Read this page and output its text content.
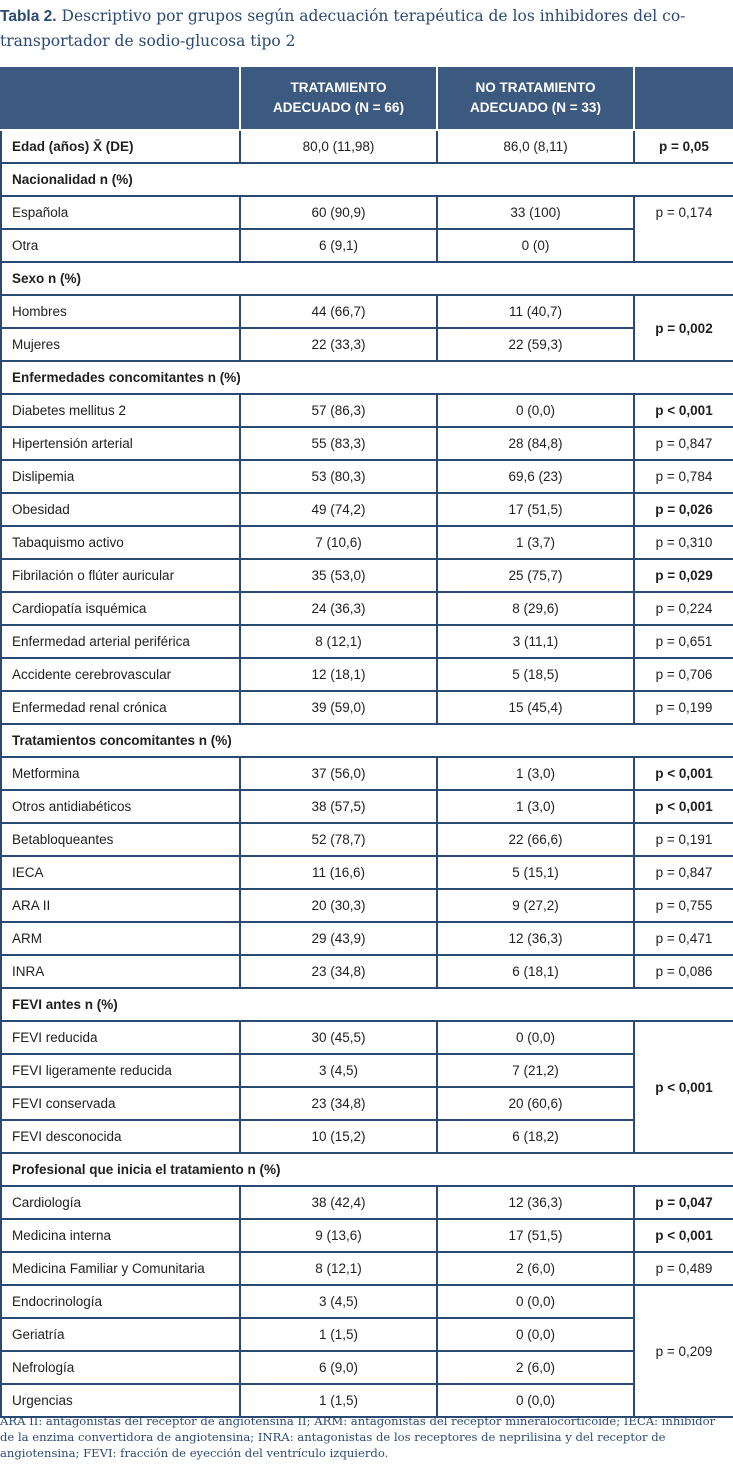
Tabla 2. Descriptivo por grupos según adecuación terapéutica de los inhibidores del co-transportador de sodio-glucosa tipo 2
	TRATAMIENTO ADECUADO (N = 66)	NO TRATAMIENTO ADECUADO (N = 33)	
Edad (años) X̄ (DE)	80,0 (11,98)	86,0 (8,11)	p = 0,05
Nacionalidad n (%)			
Española	60 (90,9)	33 (100)	p = 0,174
Otra	6 (9,1)	0 (0)	
Sexo n (%)			
Hombres	44 (66,7)	11 (40,7)	p = 0,002
Mujeres	22 (33,3)	22 (59,3)	
Enfermedades concomitantes n (%)			
Diabetes mellitus 2	57 (86,3)	0 (0,0)	p < 0,001
Hipertensión arterial	55 (83,3)	28 (84,8)	p = 0,847
Dislipemia	53 (80,3)	69,6 (23)	p = 0,784
Obesidad	49 (74,2)	17 (51,5)	p = 0,026
Tabaquismo activo	7 (10,6)	1 (3,7)	p = 0,310
Fibrilación o flúter auricular	35 (53,0)	25 (75,7)	p = 0,029
Cardiopatía isquémica	24 (36,3)	8 (29,6)	p = 0,224
Enfermedad arterial periférica	8 (12,1)	3 (11,1)	p = 0,651
Accidente cerebrovascular	12 (18,1)	5 (18,5)	p = 0,706
Enfermedad renal crónica	39 (59,0)	15 (45,4)	p = 0,199
Tratamientos concomitantes n (%)			
Metformina	37 (56,0)	1 (3,0)	p < 0,001
Otros antidiabéticos	38 (57,5)	1 (3,0)	p < 0,001
Betabloqueantes	52 (78,7)	22 (66,6)	p = 0,191
IECA	11 (16,6)	5 (15,1)	p = 0,847
ARA II	20 (30,3)	9 (27,2)	p = 0,755
ARM	29 (43,9)	12 (36,3)	p = 0,471
INRA	23 (34,8)	6 (18,1)	p = 0,086
FEVI antes n (%)			
FEVI reducida	30 (45,5)	0 (0,0)	p < 0,001
FEVI ligeramente reducida	3 (4,5)	7 (21,2)	
FEVI conservada	23 (34,8)	20 (60,6)	
FEVI desconocida	10 (15,2)	6 (18,2)	
Profesional que inicia el tratamiento n (%)			
Cardiología	38 (42,4)	12 (36,3)	p = 0,047
Medicina interna	9 (13,6)	17 (51,5)	p < 0,001
Medicina Familiar y Comunitaria	8 (12,1)	2 (6,0)	p = 0,489
Endocrinología	3 (4,5)	0 (0,0)	p = 0,209
Geriatría	1 (1,5)	0 (0,0)	
Nefrología	6 (9,0)	2 (6,0)	
Urgencias	1 (1,5)	0 (0,0)	
ARA II: antagonistas del receptor de angiotensina II; ARM: antagonistas del receptor mineralocorticoide; IECA: inhibidor de la enzima convertidora de angiotensina; INRA: antagonistas de los receptores de neprilisina y del receptor de angiotensina; FEVI: fracción de eyección del ventrículo izquierdo.
